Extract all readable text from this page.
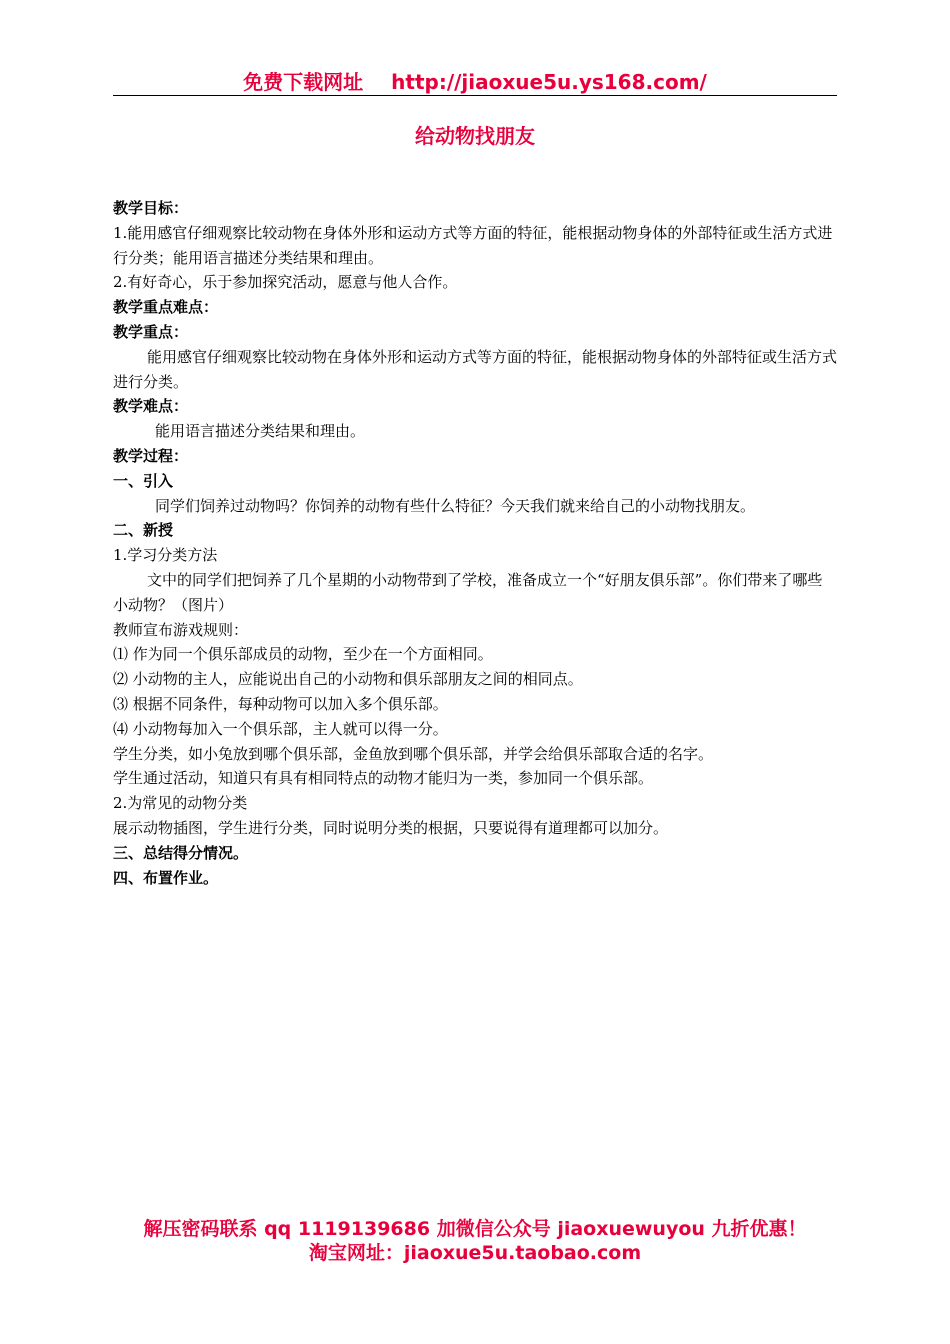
免费下载网址 http://jiaoxue5u.ys168.com/
给动物找朋友
教学目标：
1.能用感官仔细观察比较动物在身体外形和运动方式等方面的特征，能根据动物身体的外部特征或生活方式进行分类；能用语言描述分类结果和理由。
2.有好奇心，乐于参加探究活动，愿意与他人合作。
教学重点难点：
教学重点：
能用感官仔细观察比较动物在身体外形和运动方式等方面的特征，能根据动物身体的外部特征或生活方式进行分类。
教学难点：
能用语言描述分类结果和理由。
教学过程：
一、引入
同学们饲养过动物吗？你饲养的动物有些什么特征？今天我们就来给自己的小动物找朋友。
二、新授
1.学习分类方法
文中的同学们把饲养了几个星期的小动物带到了学校，准备成立一个“好朋友俱乐部”。你们带来了哪些小动物？（图片）
教师宣布游戏规则：
⑴ 作为同一个俱乐部成员的动物，至少在一个方面相同。
⑵ 小动物的主人，应能说出自己的小动物和俱乐部朋友之间的相同点。
⑶ 根据不同条件，每种动物可以加入多个俱乐部。
⑷ 小动物每加入一个俱乐部，主人就可以得一分。
学生分类，如小兔放到哪个俱乐部，金鱼放到哪个俱乐部，并学会给俱乐部取合适的名字。
学生通过活动，知道只有具有相同特点的动物才能归为一类，参加同一个俱乐部。
2.为常见的动物分类
展示动物插图，学生进行分类，同时说明分类的根据，只要说得有道理都可以加分。
三、总结得分情况。
四、布置作业。
解压密码联系 qq 1119139686 加微信公众号 jiaoxuewuyou 九折优惠！
淘宝网址：jiaoxue5u.taobao.com
